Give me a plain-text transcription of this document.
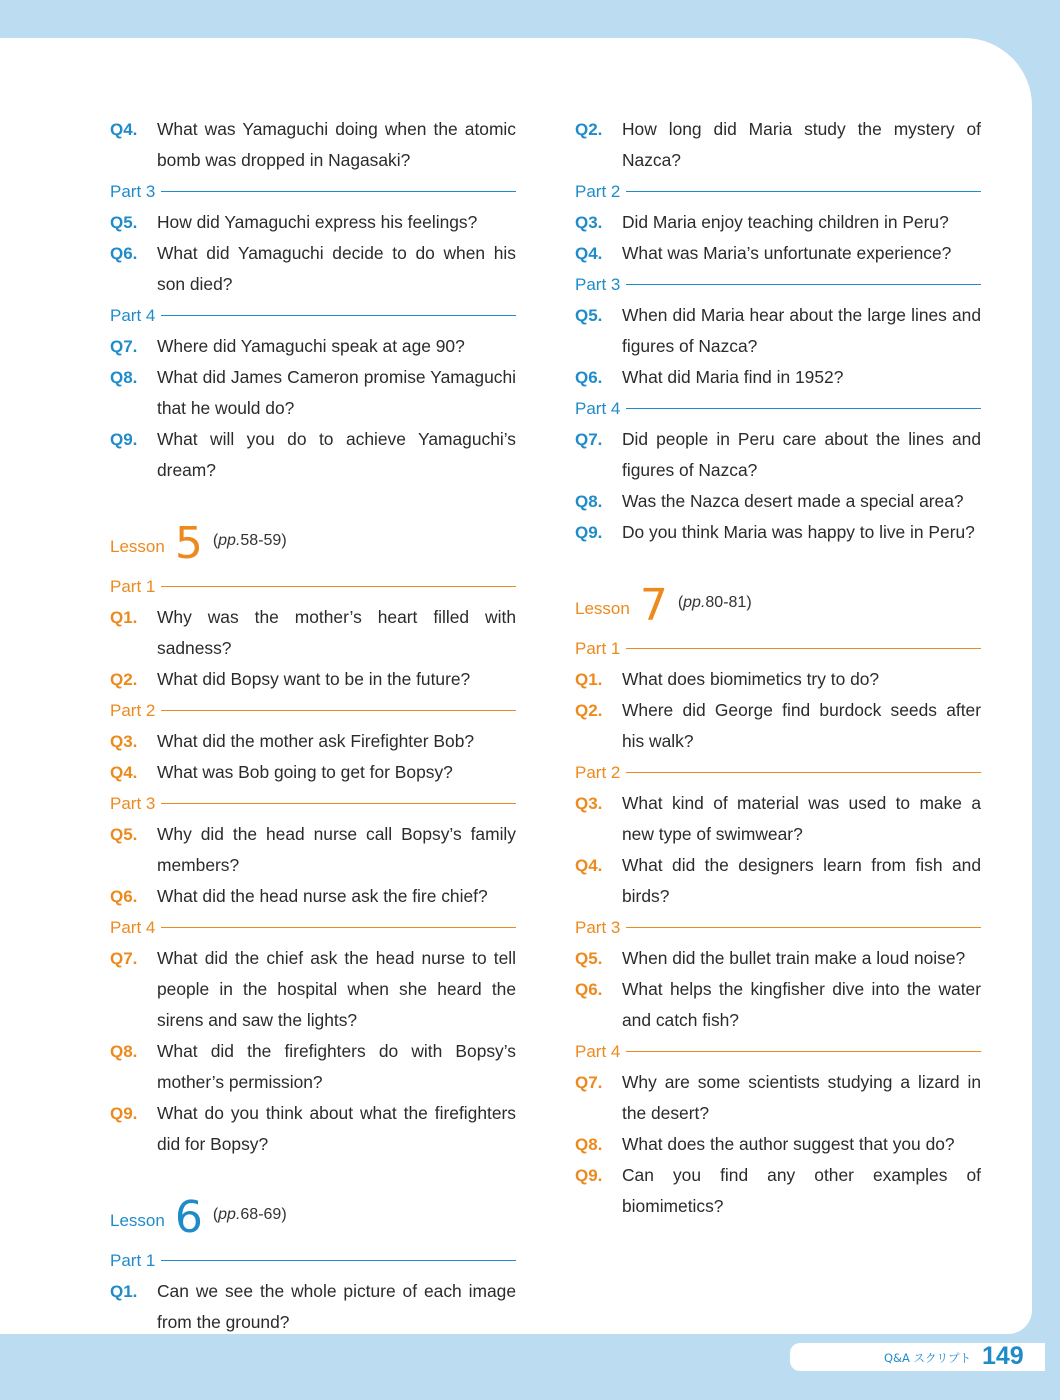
Q4.	What was Yamaguchi doing when the atomic bomb was dropped in Nagasaki?
Part 3
Q5.	How did Yamaguchi express his feelings?
Q6.	What did Yamaguchi decide to do when his son died?
Part 4
Q7.	Where did Yamaguchi speak at age 90?
Q8.	What did James Cameron promise Yamaguchi that he would do?
Q9.	What will you do to achieve Yamaguchi’s dream?
Lesson 5 (pp.58-59)
Part 1
Q1.	Why was the mother’s heart filled with sadness?
Q2.	What did Bopsy want to be in the future?
Part 2
Q3.	What did the mother ask Firefighter Bob?
Q4.	What was Bob going to get for Bopsy?
Part 3
Q5.	Why did the head nurse call Bopsy’s family members?
Q6.	What did the head nurse ask the fire chief?
Part 4
Q7.	What did the chief ask the head nurse to tell people in the hospital when she heard the sirens and saw the lights?
Q8.	What did the firefighters do with Bopsy’s mother’s permission?
Q9.	What do you think about what the firefighters did for Bopsy?
Lesson 6 (pp.68-69)
Part 1
Q1.	Can we see the whole picture of each image from the ground?
Q2.	How long did Maria study the mystery of Nazca?
Part 2
Q3.	Did Maria enjoy teaching children in Peru?
Q4.	What was Maria’s unfortunate experience?
Part 3
Q5.	When did Maria hear about the large lines and figures of Nazca?
Q6.	What did Maria find in 1952?
Part 4
Q7.	Did people in Peru care about the lines and figures of Nazca?
Q8.	Was the Nazca desert made a special area?
Q9.	Do you think Maria was happy to live in Peru?
Lesson 7 (pp.80-81)
Part 1
Q1.	What does biomimetics try to do?
Q2.	Where did George find burdock seeds after his walk?
Part 2
Q3.	What kind of material was used to make a new type of swimwear?
Q4.	What did the designers learn from fish and birds?
Part 3
Q5.	When did the bullet train make a loud noise?
Q6.	What helps the kingfisher dive into the water and catch fish?
Part 4
Q7.	Why are some scientists studying a lizard in the desert?
Q8.	What does the author suggest that you do?
Q9.	Can you find any other examples of biomimetics?
Q&A スクリプト 149
